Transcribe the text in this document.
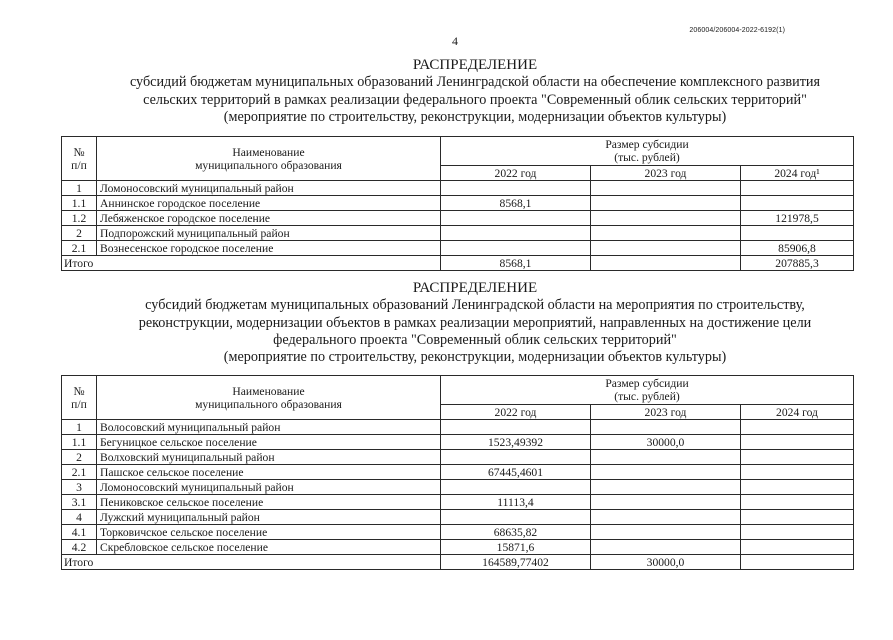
4
206004/206004-2022-6192(1)
РАСПРЕДЕЛЕНИЕ
субсидий бюджетам муниципальных образований Ленинградской области на обеспечение комплексного развития
сельских территорий в рамках реализации федерального проекта "Современный облик сельских территорий"
(мероприятие по строительству, реконструкции, модернизации объектов культуры)
№
п/п	Наименование
муниципального образования	Размер субсидии
(тыс. рублей)		
		2022 год	2023 год	2024 год¹
1	Ломоносовский муниципальный район			
1.1	Аннинское городское поселение	8568,1		
1.2	Лебяженское городское поселение			121978,5
2	Подпорожский муниципальный район			
2.1	Вознесенское городское поселение			85906,8
Итого		8568,1		207885,3
РАСПРЕДЕЛЕНИЕ
субсидий бюджетам муниципальных образований Ленинградской области на мероприятия по строительству,
реконструкции, модернизации объектов в рамках реализации мероприятий, направленных на достижение цели
федерального проекта "Современный облик сельских территорий"
(мероприятие по строительству, реконструкции, модернизации объектов культуры)
№
п/п	Наименование
муниципального образования	Размер субсидии
(тыс. рублей)		
		2022 год	2023 год	2024 год
1	Волосовский муниципальный район			
1.1	Бегуницкое сельское поселение	1523,49392	30000,0	
2	Волховский муниципальный район			
2.1	Пашское сельское поселение	67445,4601		
3	Ломоносовский муниципальный район			
3.1	Пениковское сельское поселение	11113,4		
4	Лужский муниципальный район			
4.1	Торковичское сельское поселение	68635,82		
4.2	Скребловское сельское поселение	15871,6		
Итого		164589,77402	30000,0	
